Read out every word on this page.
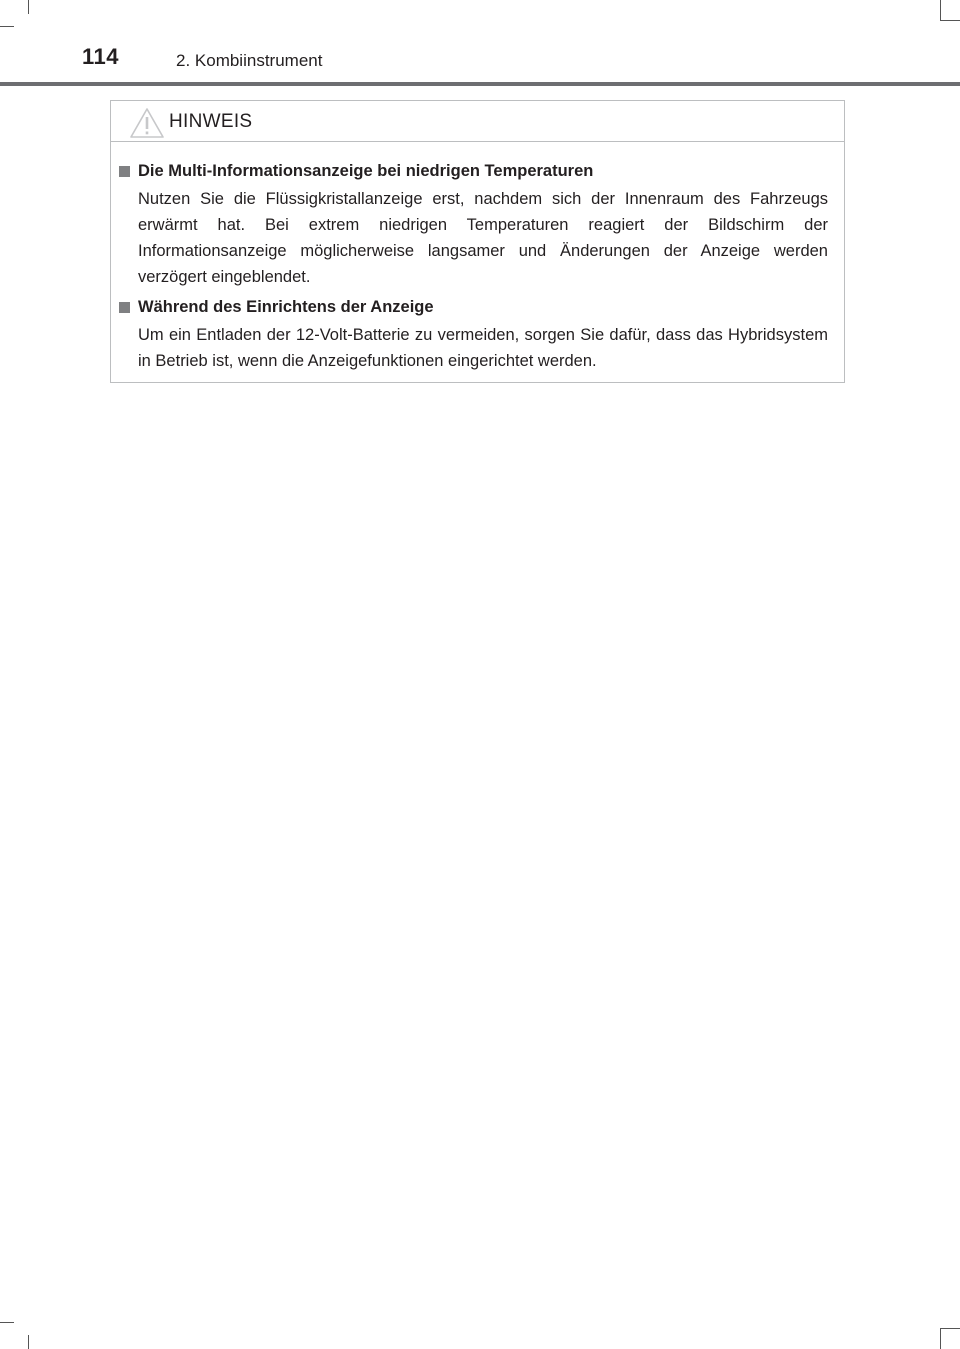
114	2. Kombiinstrument
HINWEIS
Die Multi-Informationsanzeige bei niedrigen Temperaturen
Nutzen Sie die Flüssigkristallanzeige erst, nachdem sich der Innenraum des Fahrzeugs erwärmt hat. Bei extrem niedrigen Temperaturen reagiert der Bildschirm der Informationsanzeige möglicherweise langsamer und Änderungen der Anzeige werden verzögert eingeblendet.
Während des Einrichtens der Anzeige
Um ein Entladen der 12-Volt-Batterie zu vermeiden, sorgen Sie dafür, dass das Hybridsystem in Betrieb ist, wenn die Anzeigefunktionen eingerichtet werden.
